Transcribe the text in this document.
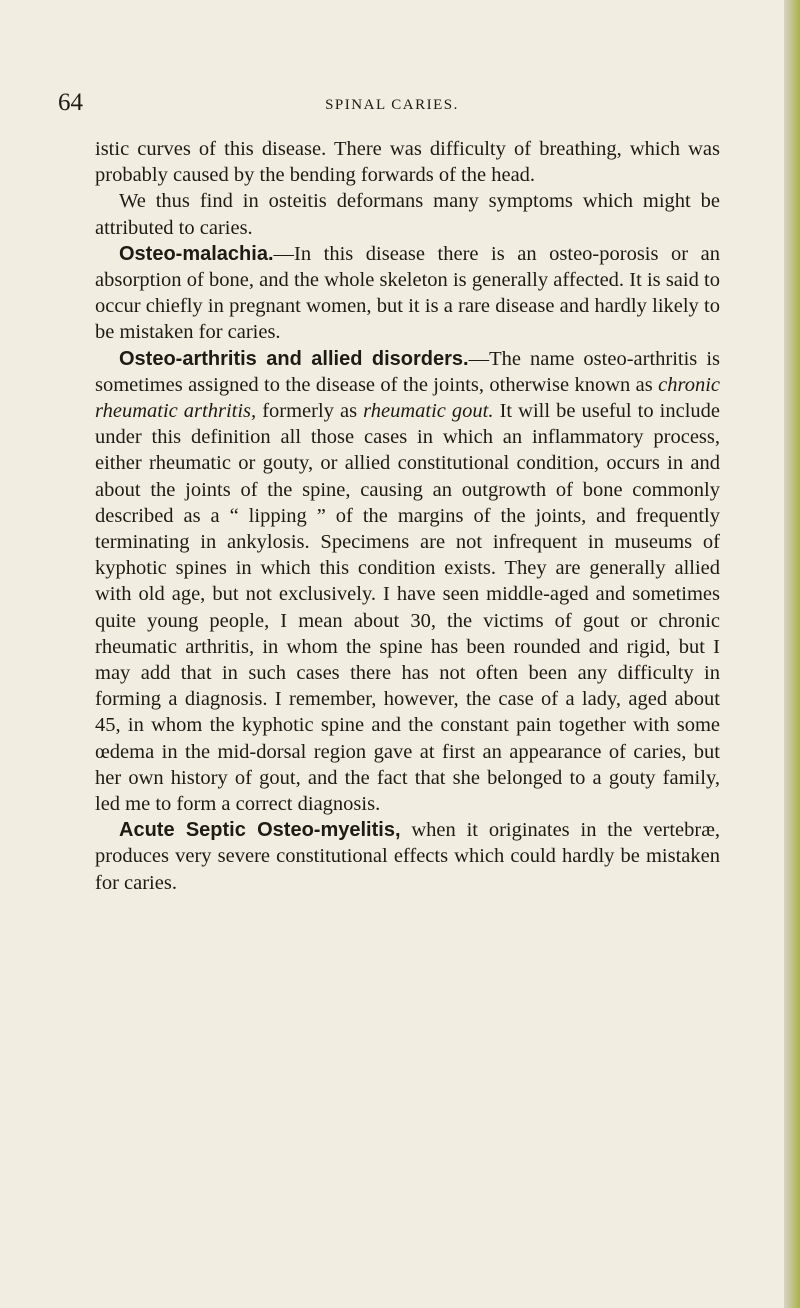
64	SPINAL CARIES.

istic curves of this disease. There was difficulty of breathing, which was probably caused by the bending forwards of the head.

We thus find in osteitis deformans many symptoms which might be attributed to caries.

Osteo-malachia.—In this disease there is an osteo-porosis or an absorption of bone, and the whole skeleton is generally affected. It is said to occur chiefly in pregnant women, but it is a rare disease and hardly likely to be mistaken for caries.

Osteo-arthritis and allied disorders.—The name osteo-arthritis is sometimes assigned to the disease of the joints, otherwise known as chronic rheumatic arthritis, formerly as rheumatic gout. It will be useful to include under this definition all those cases in which an inflammatory process, either rheumatic or gouty, or allied constitutional condition, occurs in and about the joints of the spine, causing an outgrowth of bone commonly described as a “ lipping ” of the margins of the joints, and frequently terminating in ankylosis. Specimens are not infrequent in museums of kyphotic spines in which this condition exists. They are generally allied with old age, but not exclusively. I have seen middle-aged and sometimes quite young people, I mean about 30, the victims of gout or chronic rheumatic arthritis, in whom the spine has been rounded and rigid, but I may add that in such cases there has not often been any difficulty in forming a diagnosis. I remember, however, the case of a lady, aged about 45, in whom the kyphotic spine and the constant pain together with some œdema in the mid-dorsal region gave at first an appearance of caries, but her own history of gout, and the fact that she belonged to a gouty family, led me to form a correct diagnosis.

Acute Septic Osteo-myelitis, when it originates in the vertebræ, produces very severe constitutional effects which could hardly be mistaken for caries.
